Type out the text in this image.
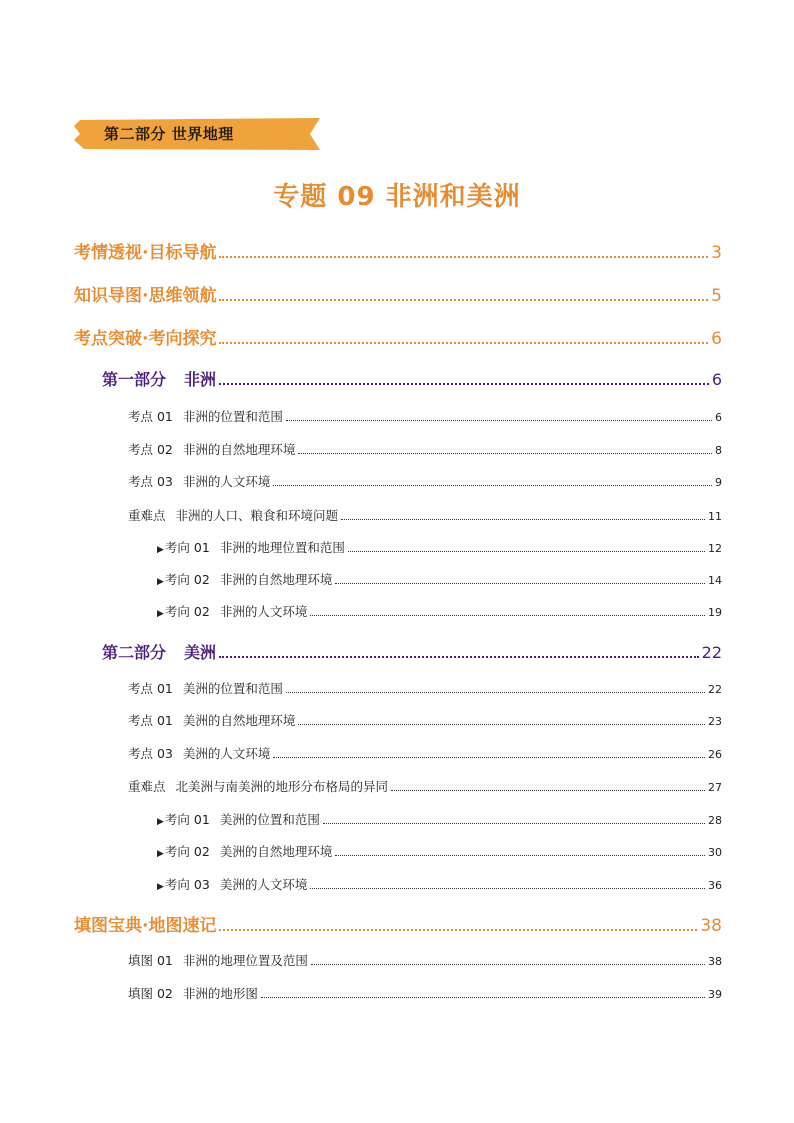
第二部分 世界地理
专题 09 非洲和美洲
考情透视·目标导航	3
知识导图·思维领航	5
考点突破·考向探究	6
第一部分 非洲	6
考点 01 非洲的位置和范围	6
考点 02 非洲的自然地理环境	8
考点 03 非洲的人文环境	9
重难点 非洲的人口、粮食和环境问题	11
▶考向 01 非洲的地理位置和范围	12
▶考向 02 非洲的自然地理环境	14
▶考向 02 非洲的人文环境	19
第二部分 美洲	22
考点 01 美洲的位置和范围	22
考点 01 美洲的自然地理环境	23
考点 03 美洲的人文环境	26
重难点 北美洲与南美洲的地形分布格局的异同	27
▶考向 01 美洲的位置和范围	28
▶考向 02 美洲的自然地理环境	30
▶考向 03 美洲的人文环境	36
填图宝典·地图速记	38
填图 01 非洲的地理位置及范围	38
填图 02 非洲的地形图	39
